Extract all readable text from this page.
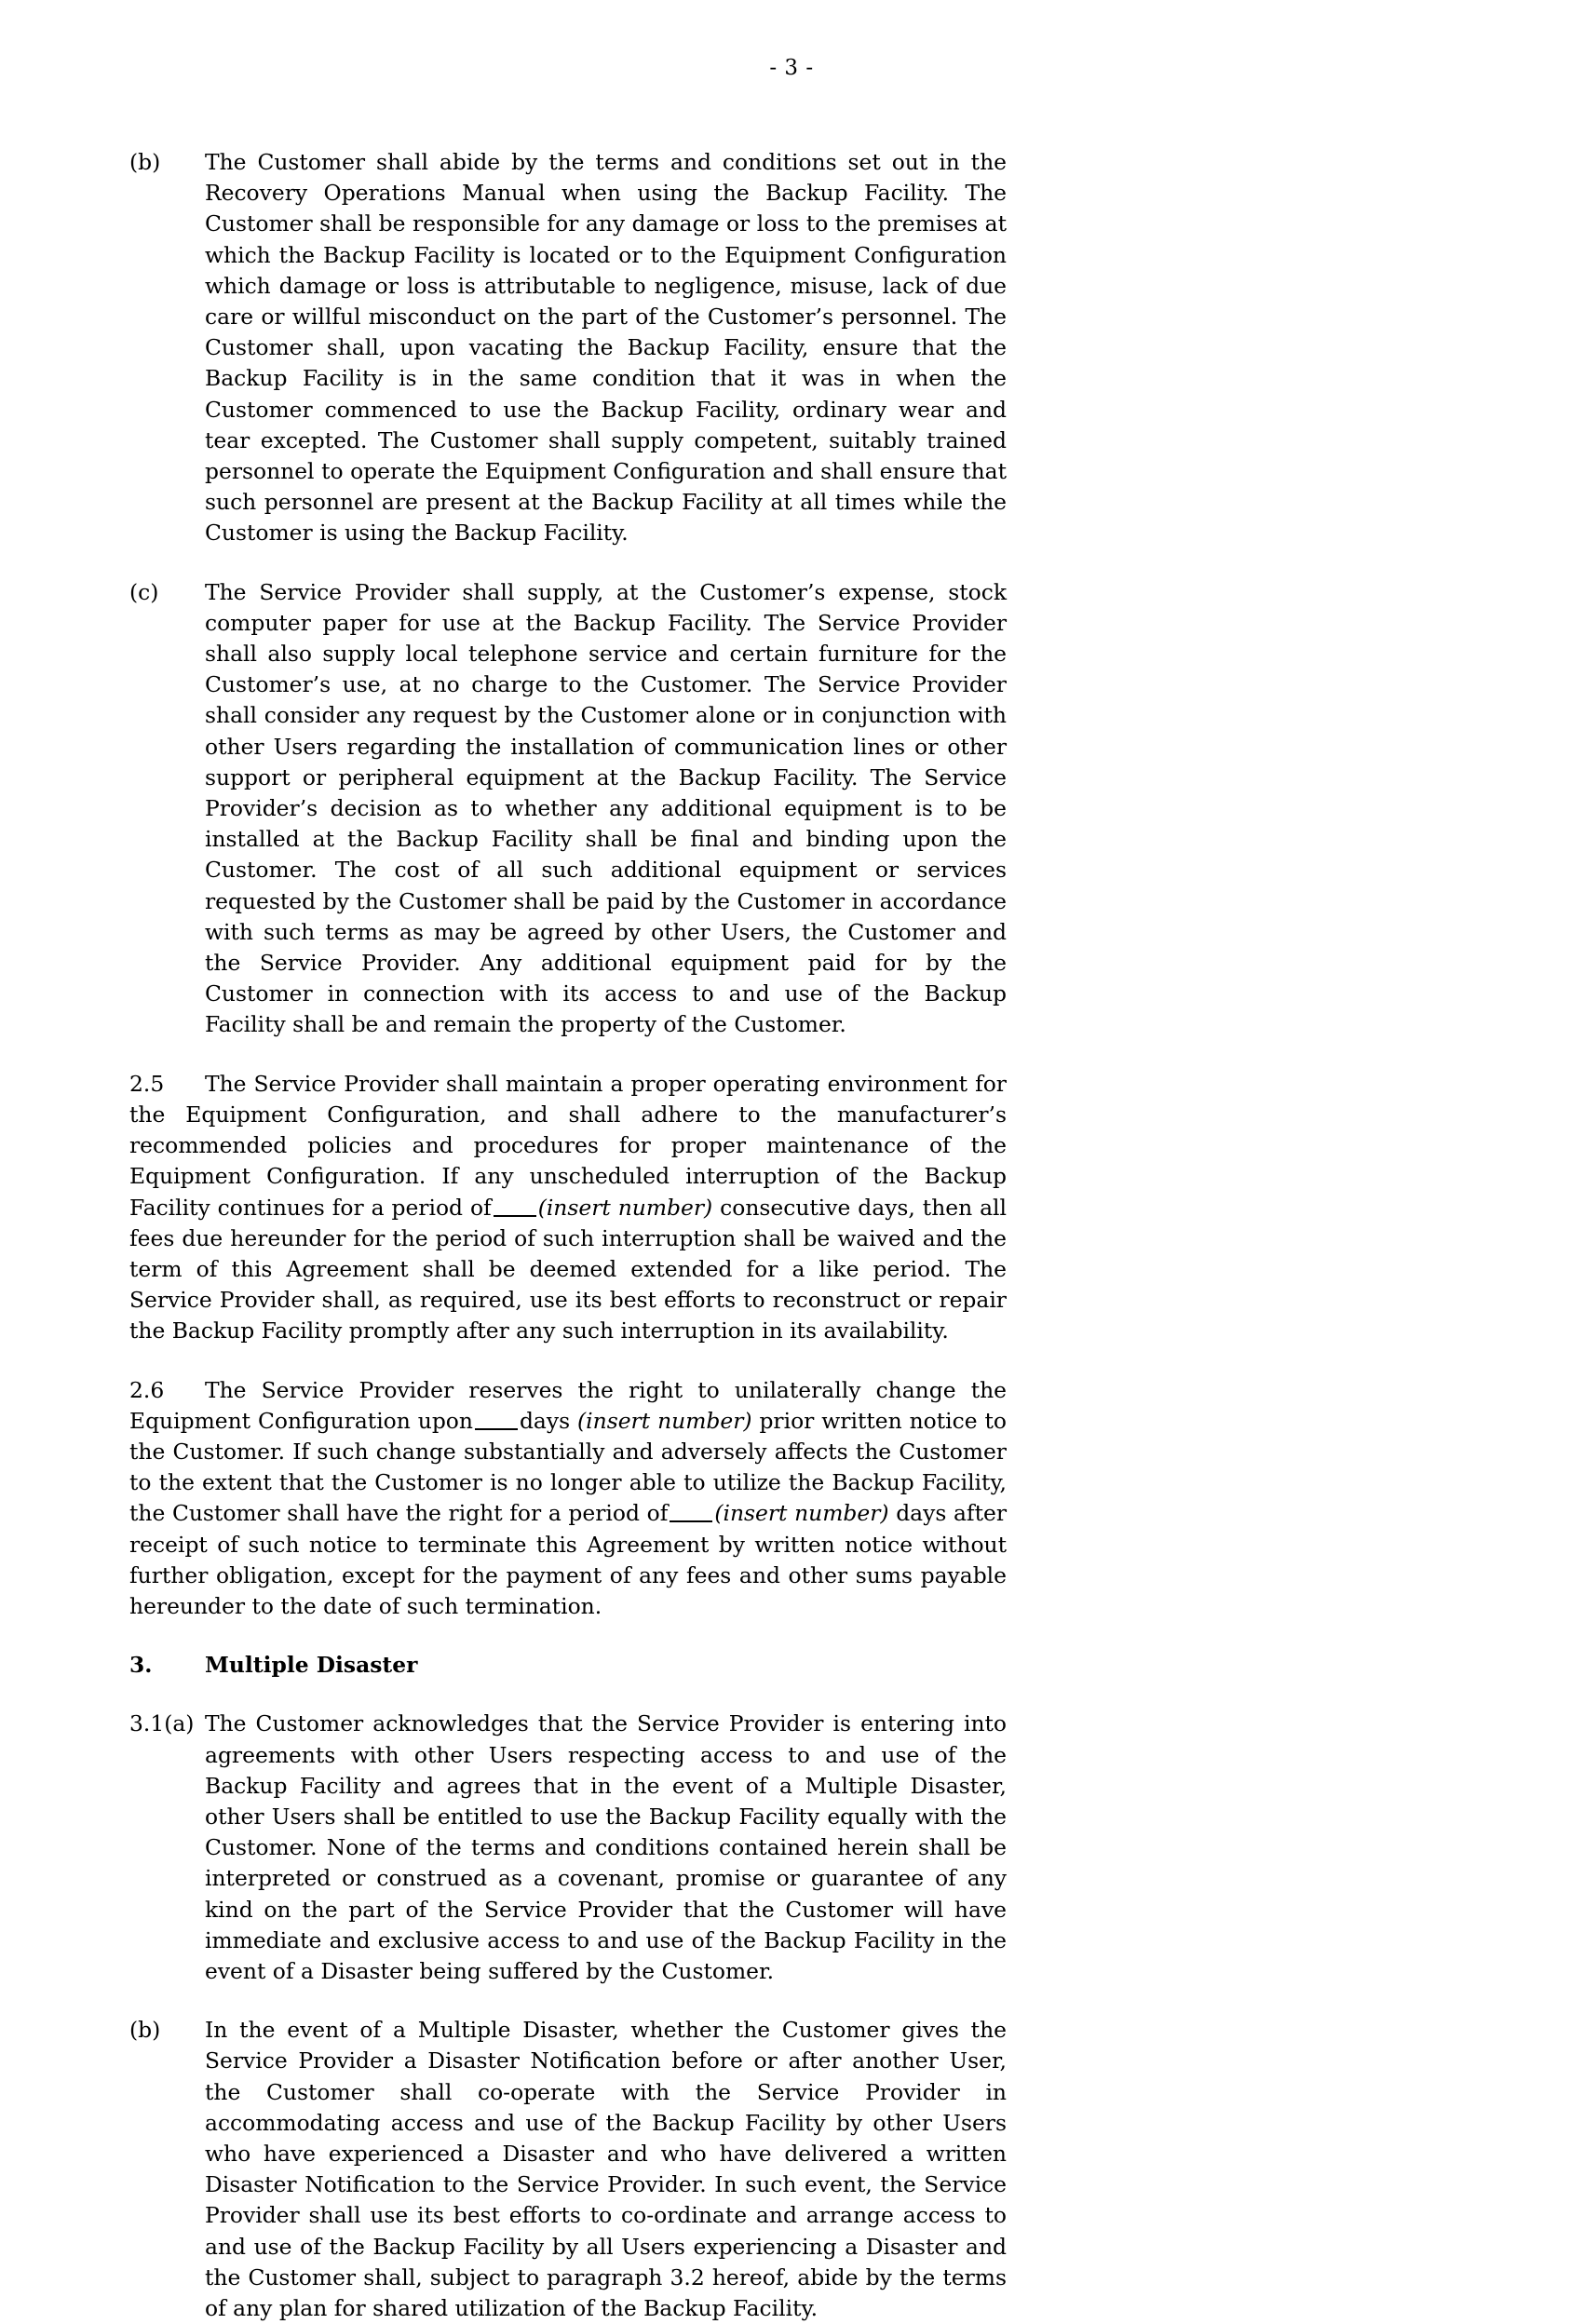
- 3 -
(b)	The Customer shall abide by the terms and conditions set out in the Recovery Operations Manual when using the Backup Facility. The Customer shall be responsible for any damage or loss to the premises at which the Backup Facility is located or to the Equipment Configuration which damage or loss is attributable to negligence, misuse, lack of due care or willful misconduct on the part of the Customer’s personnel. The Customer shall, upon vacating the Backup Facility, ensure that the Backup Facility is in the same condition that it was in when the Customer commenced to use the Backup Facility, ordinary wear and tear excepted. The Customer shall supply competent, suitably trained personnel to operate the Equipment Configuration and shall ensure that such personnel are present at the Backup Facility at all times while the Customer is using the Backup Facility.
(c)	The Service Provider shall supply, at the Customer’s expense, stock computer paper for use at the Backup Facility. The Service Provider shall also supply local telephone service and certain furniture for the Customer’s use, at no charge to the Customer. The Service Provider shall consider any request by the Customer alone or in conjunction with other Users regarding the installation of communication lines or other support or peripheral equipment at the Backup Facility. The Service Provider’s decision as to whether any additional equipment is to be installed at the Backup Facility shall be final and binding upon the Customer. The cost of all such additional equipment or services requested by the Customer shall be paid by the Customer in accordance with such terms as may be agreed by other Users, the Customer and the Service Provider. Any additional equipment paid for by the Customer in connection with its access to and use of the Backup Facility shall be and remain the property of the Customer.
2.5 The Service Provider shall maintain a proper operating environment for the Equipment Configuration, and shall adhere to the manufacturer’s recommended policies and procedures for proper maintenance of the Equipment Configuration. If any unscheduled interruption of the Backup Facility continues for a period of (insert number) consecutive days, then all fees due hereunder for the period of such interruption shall be waived and the term of this Agreement shall be deemed extended for a like period. The Service Provider shall, as required, use its best efforts to reconstruct or repair the Backup Facility promptly after any such interruption in its availability.
2.6 The Service Provider reserves the right to unilaterally change the Equipment Configuration upon days (insert number) prior written notice to the Customer. If such change substantially and adversely affects the Customer to the extent that the Customer is no longer able to utilize the Backup Facility, the Customer shall have the right for a period of (insert number) days after receipt of such notice to terminate this Agreement by written notice without further obligation, except for the payment of any fees and other sums payable hereunder to the date of such termination.
3.	Multiple Disaster
3.1(a) The Customer acknowledges that the Service Provider is entering into agreements with other Users respecting access to and use of the Backup Facility and agrees that in the event of a Multiple Disaster, other Users shall be entitled to use the Backup Facility equally with the Customer. None of the terms and conditions contained herein shall be interpreted or construed as a covenant, promise or guarantee of any kind on the part of the Service Provider that the Customer will have immediate and exclusive access to and use of the Backup Facility in the event of a Disaster being suffered by the Customer.
(b)	In the event of a Multiple Disaster, whether the Customer gives the Service Provider a Disaster Notification before or after another User, the Customer shall co-operate with the Service Provider in accommodating access and use of the Backup Facility by other Users who have experienced a Disaster and who have delivered a written Disaster Notification to the Service Provider. In such event, the Service Provider shall use its best efforts to co-ordinate and arrange access to and use of the Backup Facility by all Users experiencing a Disaster and the Customer shall, subject to paragraph 3.2 hereof, abide by the terms of any plan for shared utilization of the Backup Facility.
